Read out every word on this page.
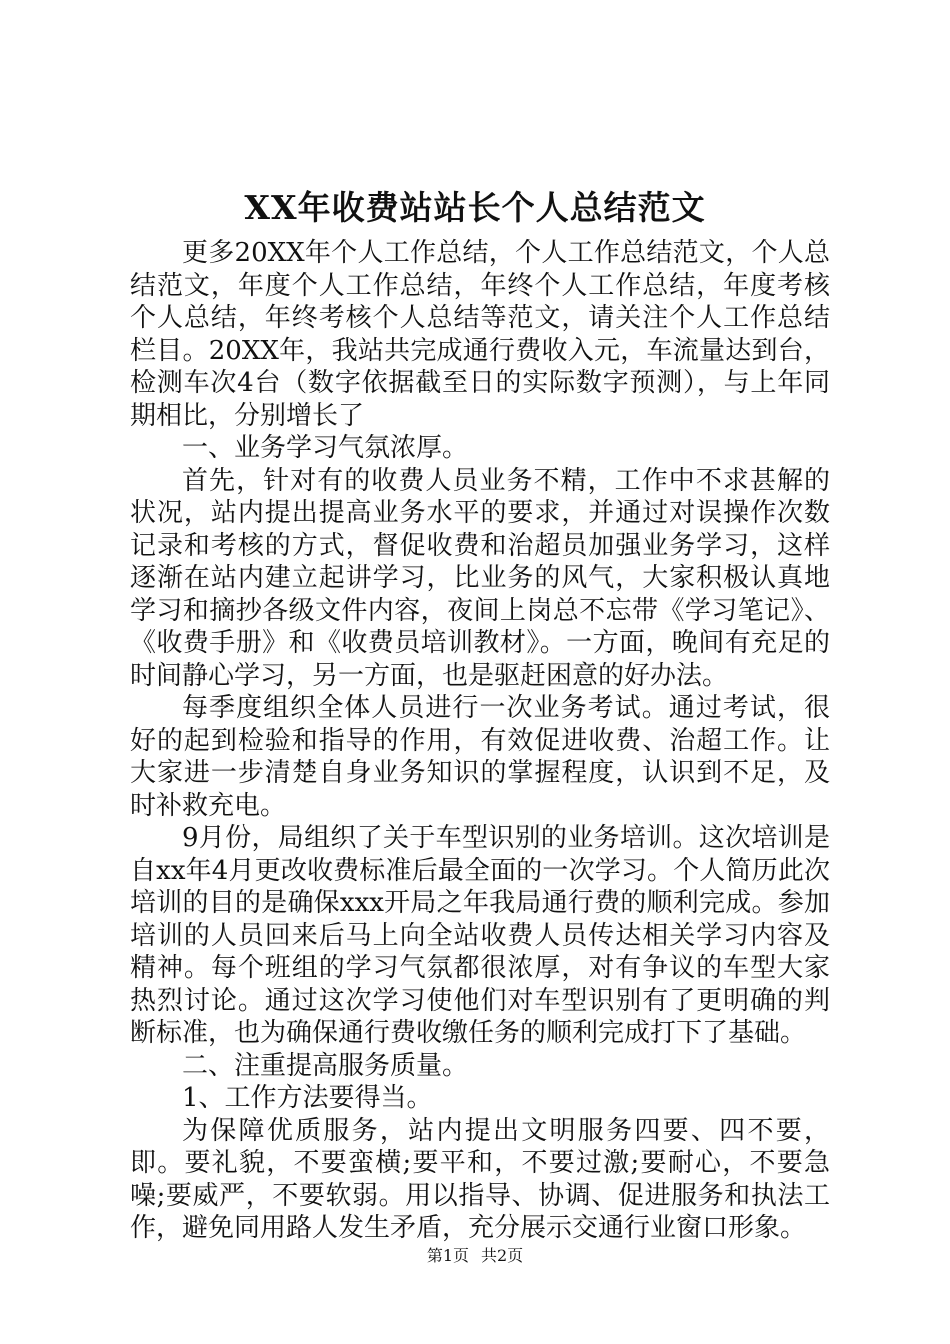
XX年收费站站长个人总结范文

更多20XX年个人工作总结，个人工作总结范文，个人总结范文，年度个人工作总结，年终个人工作总结，年度考核个人总结，年终考核个人总结等范文，请关注个人工作总结栏目。20XX年，我站共完成通行费收入元，车流量达到台，检测车次4台（数字依据截至日的实际数字预测），与上年同期相比，分别增长了

一、业务学习气氛浓厚。

首先，针对有的收费人员业务不精，工作中不求甚解的状况，站内提出提高业务水平的要求，并通过对误操作次数记录和考核的方式，督促收费和治超员加强业务学习，这样逐渐在站内建立起讲学习，比业务的风气，大家积极认真地学习和摘抄各级文件内容，夜间上岗总不忘带《学习笔记》、《收费手册》和《收费员培训教材》。一方面，晚间有充足的时间静心学习，另一方面，也是驱赶困意的好办法。

每季度组织全体人员进行一次业务考试。通过考试，很好的起到检验和指导的作用，有效促进收费、治超工作。让大家进一步清楚自身业务知识的掌握程度，认识到不足，及时补救充电。

9月份，局组织了关于车型识别的业务培训。这次培训是自xx年4月更改收费标准后最全面的一次学习。个人简历此次培训的目的是确保xxx开局之年我局通行费的顺利完成。参加培训的人员回来后马上向全站收费人员传达相关学习内容及精神。每个班组的学习气氛都很浓厚，对有争议的车型大家热烈讨论。通过这次学习使他们对车型识别有了更明确的判断标准，也为确保通行费收缴任务的顺利完成打下了基础。

二、注重提高服务质量。

1、工作方法要得当。

为保障优质服务，站内提出文明服务四要、四不要，即。要礼貌，不要蛮横;要平和，不要过激;要耐心，不要急噪;要威严，不要软弱。用以指导、协调、促进服务和执法工作，避免同用路人发生矛盾，充分展示交通行业窗口形象。

第1页 共2页
